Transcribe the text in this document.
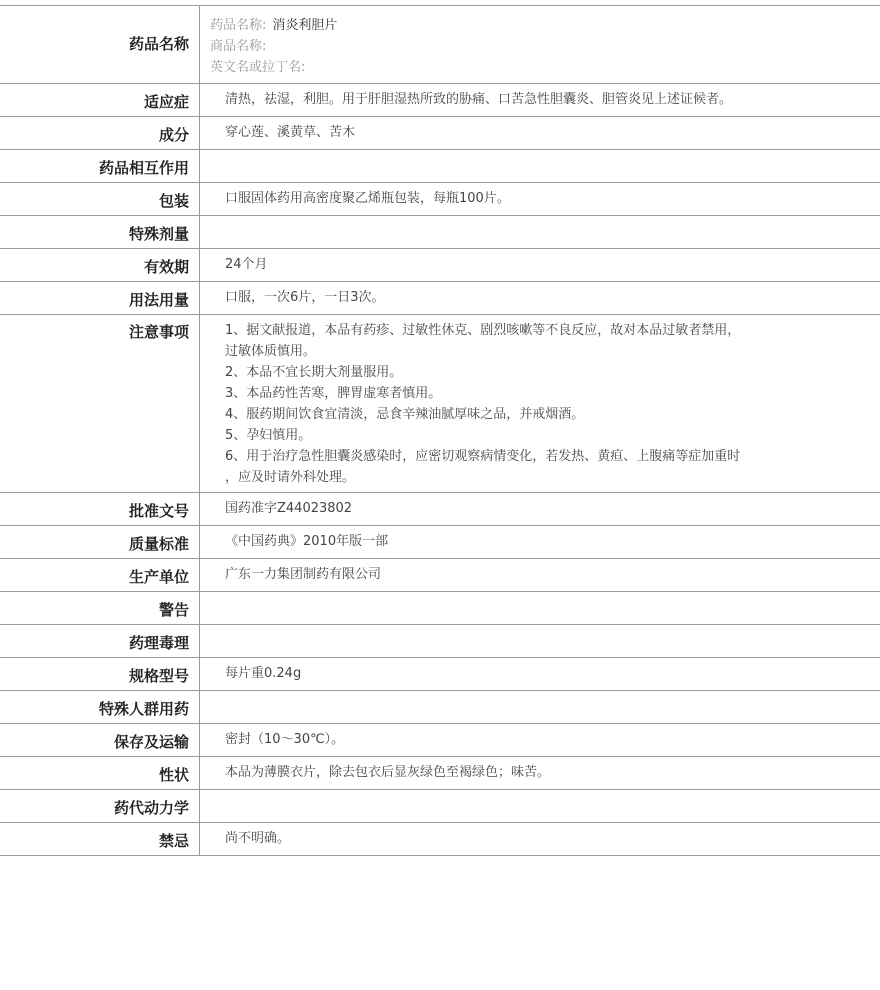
药品名称
药品名称: 消炎利胆片
商品名称:
英文名或拉丁名:
适应症	清热，祛湿，利胆。用于肝胆湿热所致的胁痛、口苦急性胆囊炎、胆管炎见上述证候者。
成分	穿心莲、溪黄草、苦木
药品相互作用
包装	口服固体药用高密度聚乙烯瓶包装，每瓶100片。
特殊剂量
有效期	24个月
用法用量	口服，一次6片，一日3次。
注意事项	1、据文献报道，本品有药疹、过敏性休克、剧烈咳嗽等不良反应，故对本品过敏者禁用，
过敏体质慎用。
2、本品不宜长期大剂量服用。
3、本品药性苦寒，脾胃虚寒者慎用。
4、服药期间饮食宜清淡，忌食辛辣油腻厚味之品，并戒烟酒。
5、孕妇慎用。
6、用于治疗急性胆囊炎感染时，应密切观察病情变化，若发热、黄疸、上腹痛等症加重时
，应及时请外科处理。
批准文号	国药准字Z44023802
质量标准	《中国药典》2010年版一部
生产单位	广东一力集团制药有限公司
警告
药理毒理
规格型号	每片重0.24g
特殊人群用药
保存及运输	密封（10～30℃）。
性状	本品为薄膜衣片，除去包衣后显灰绿色至褐绿色；味苦。
药代动力学
禁忌	尚不明确。
